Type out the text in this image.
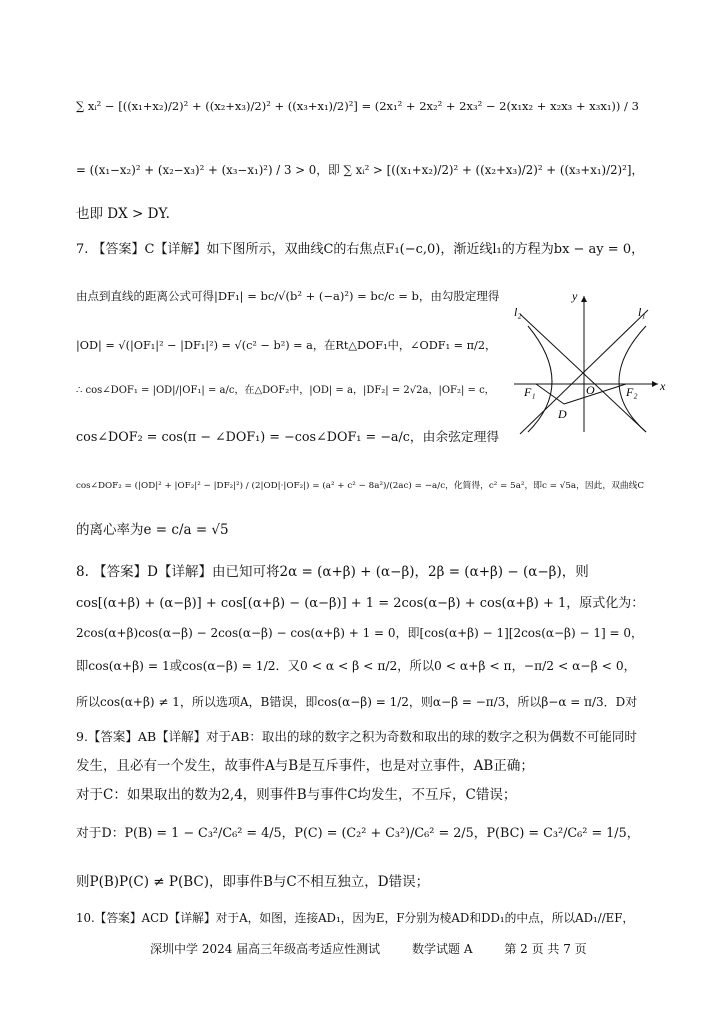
∑ xᵢ² − [((x₁+x₂)/2)² + ((x₂+x₃)/2)² + ((x₃+x₁)/2)²] = (2x₁² + 2x₂² + 2x₃² − 2(x₁x₂ + x₂x₃ + x₃x₁)) / 3
= ((x₁−x₂)² + (x₂−x₃)² + (x₃−x₁)²) / 3 > 0，即 ∑ xᵢ² > [((x₁+x₂)/2)² + ((x₂+x₃)/2)² + ((x₃+x₁)/2)²]，
也即 DX > DY.
7. 【答案】C【详解】如下图所示，双曲线C的右焦点F₁(−c,0)，渐近线l₁的方程为bx − ay = 0，
由点到直线的距离公式可得|DF₁| = bc/√(b² + (−a)²) = bc/c = b，由勾股定理得
|OD| = √(|OF₁|² − |DF₁|²) = √(c² − b²) = a，在Rt△DOF₁中，∠ODF₁ = π/2，
∴ cos∠DOF₁ = |OD|/|OF₁| = a/c，在△DOF₂中，|OD| = a，|DF₂| = 2√2a，|OF₂| = c，
cos∠DOF₂ = cos(π − ∠DOF₁) = −cos∠DOF₁ = −a/c，由余弦定理得
cos∠DOF₂ = (|OD|² + |OF₂|² − |DF₂|²) / (2|OD|·|OF₂|) = (a² + c² − 8a²)/(2ac) = −a/c，化简得，c² = 5a²，即c = √5a，因此，双曲线C
的离心率为e = c/a = √5
8. 【答案】D【详解】由已知可将2α = (α+β) + (α−β)，2β = (α+β) − (α−β)，则
cos[(α+β) + (α−β)] + cos[(α+β) − (α−β)] + 1 = 2cos(α−β) + cos(α+β) + 1，原式化为：
2cos(α+β)cos(α−β) − 2cos(α−β) − cos(α+β) + 1 = 0，即[cos(α+β) − 1][2cos(α−β) − 1] = 0，
即cos(α+β) = 1或cos(α−β) = 1/2．又0 < α < β < π/2，所以0 < α+β < π，−π/2 < α−β < 0，
所以cos(α+β) ≠ 1，所以选项A，B错误，即cos(α−β) = 1/2，则α−β = −π/3，所以β−α = π/3．D对
9.【答案】AB【详解】对于AB：取出的球的数字之积为奇数和取出的球的数字之积为偶数不可能同时
发生，且必有一个发生，故事件A与B是互斥事件，也是对立事件，AB正确；
对于C：如果取出的数为2,4，则事件B与事件C均发生，不互斥，C错误；
对于D：P(B) = 1 − C₃²/C₆² = 4/5，P(C) = (C₂² + C₃²)/C₆² = 2/5，P(BC) = C₃²/C₆² = 1/5，
则P(B)P(C) ≠ P(BC)，即事件B与C不相互独立，D错误；
10.【答案】ACD【详解】对于A，如图，连接AD₁，因为E，F分别为棱AD和DD₁的中点，所以AD₁//EF，
y
x
l₂	l₁
O
F₁	F₂
D
深圳中学 2024 届高三年级高考适应性测试	数学试题 A	第 2 页 共 7 页
